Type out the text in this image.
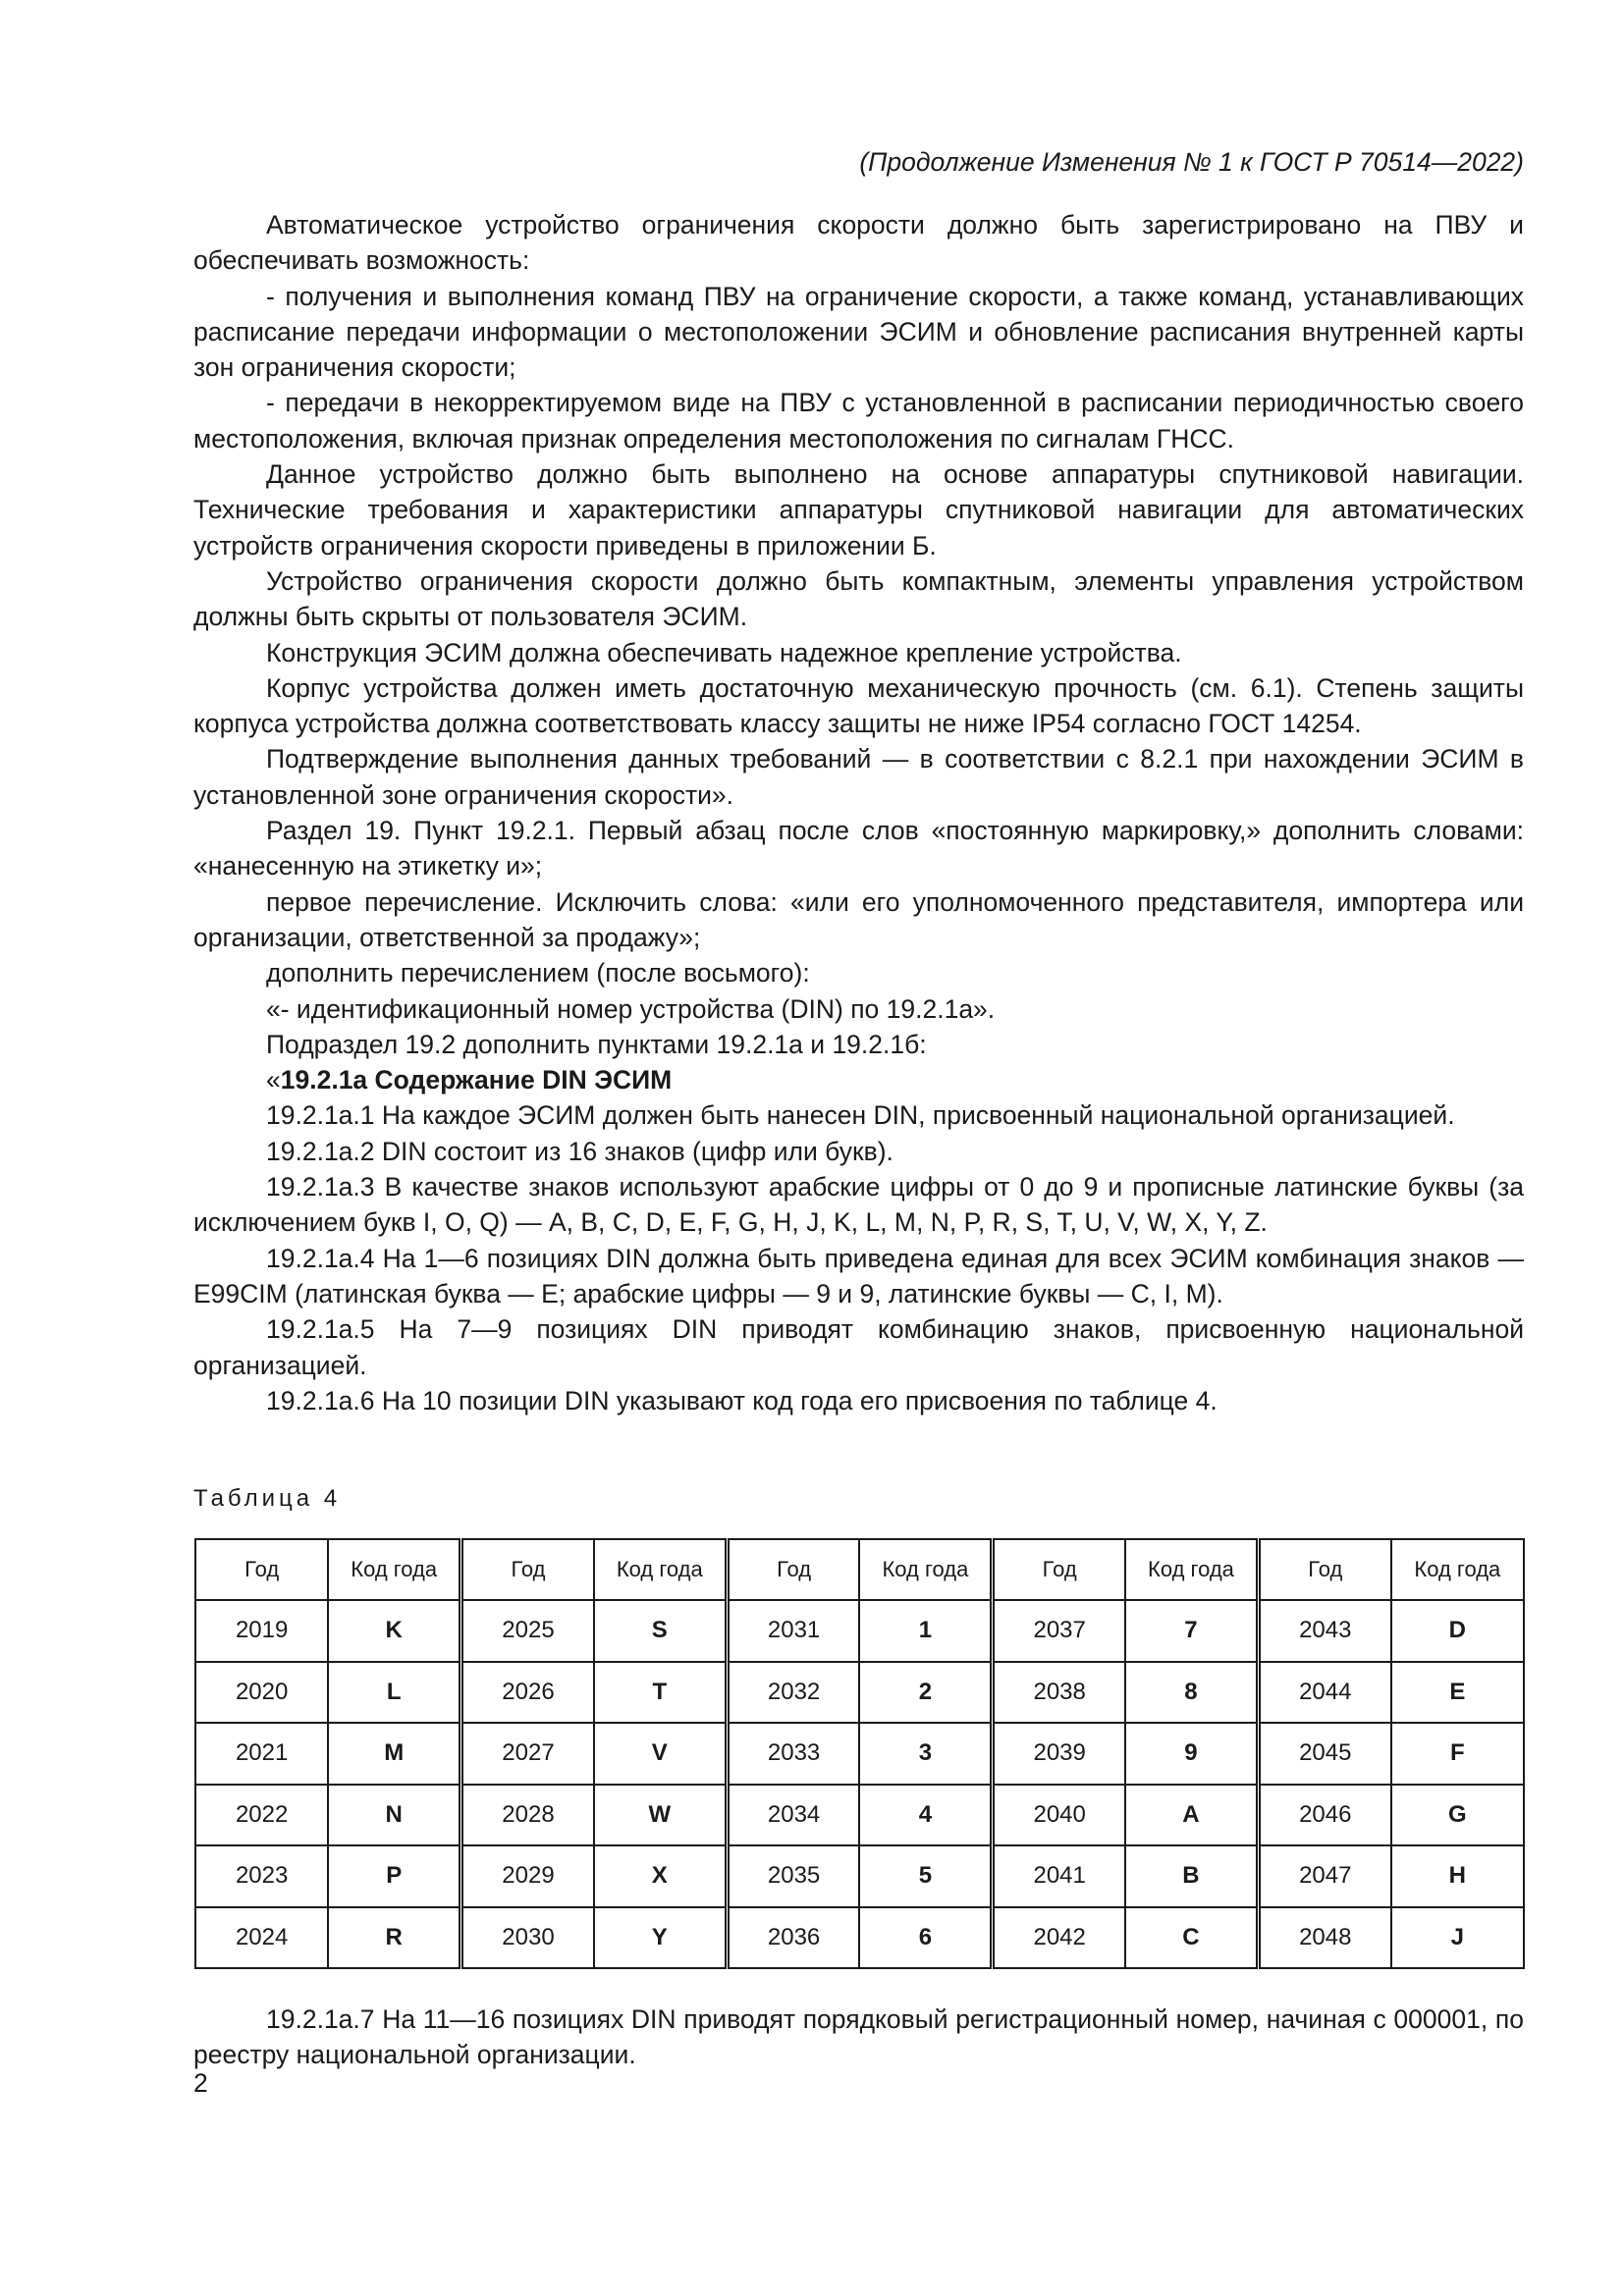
(Продолжение Изменения № 1 к ГОСТ Р 70514—2022)

Автоматическое устройство ограничения скорости должно быть зарегистрировано на ПВУ и обеспечивать возможность:

- получения и выполнения команд ПВУ на ограничение скорости, а также команд, устанавливающих расписание передачи информации о местоположении ЭСИМ и обновление расписания внутренней карты зон ограничения скорости;

- передачи в некорректируемом виде на ПВУ с установленной в расписании периодичностью своего местоположения, включая признак определения местоположения по сигналам ГНСС.

Данное устройство должно быть выполнено на основе аппаратуры спутниковой навигации. Технические требования и характеристики аппаратуры спутниковой навигации для автоматических устройств ограничения скорости приведены в приложении Б.

Устройство ограничения скорости должно быть компактным, элементы управления устройством должны быть скрыты от пользователя ЭСИМ.

Конструкция ЭСИМ должна обеспечивать надежное крепление устройства.

Корпус устройства должен иметь достаточную механическую прочность (см. 6.1). Степень защиты корпуса устройства должна соответствовать классу защиты не ниже IP54 согласно ГОСТ 14254.

Подтверждение выполнения данных требований — в соответствии с 8.2.1 при нахождении ЭСИМ в установленной зоне ограничения скорости».

Раздел 19. Пункт 19.2.1. Первый абзац после слов «постоянную маркировку,» дополнить словами: «нанесенную на этикетку и»;

первое перечисление. Исключить слова: «или его уполномоченного представителя, импортера или организации, ответственной за продажу»;

дополнить перечислением (после восьмого):

«- идентификационный номер устройства (DIN) по 19.2.1а».

Подраздел 19.2 дополнить пунктами 19.2.1а и 19.2.1б:

«19.2.1а Содержание DIN ЭСИМ

19.2.1а.1 На каждое ЭСИМ должен быть нанесен DIN, присвоенный национальной организацией.

19.2.1а.2 DIN состоит из 16 знаков (цифр или букв).

19.2.1а.3 В качестве знаков используют арабские цифры от 0 до 9 и прописные латинские буквы (за исключением букв I, O, Q) — A, B, C, D, E, F, G, H, J, K, L, M, N, P, R, S, T, U, V, W, X, Y, Z.

19.2.1а.4 На 1—6 позициях DIN должна быть приведена единая для всех ЭСИМ комбинация знаков — E99CIM (латинская буква — E; арабские цифры — 9 и 9, латинские буквы — C, I, M).

19.2.1а.5 На 7—9 позициях DIN приводят комбинацию знаков, присвоенную национальной организацией.

19.2.1а.6 На 10 позиции DIN указывают код года его присвоения по таблице 4.

Таблица 4
Год	Код года	Год	Код года	Год	Код года	Год	Код года	Год	Код года
2019	K	2025	S	2031	1	2037	7	2043	D
2020	L	2026	T	2032	2	2038	8	2044	E
2021	M	2027	V	2033	3	2039	9	2045	F
2022	N	2028	W	2034	4	2040	A	2046	G
2023	P	2029	X	2035	5	2041	B	2047	H
2024	R	2030	Y	2036	6	2042	C	2048	J

19.2.1а.7 На 11—16 позициях DIN приводят порядковый регистрационный номер, начиная с 000001, по реестру национальной организации.

2
